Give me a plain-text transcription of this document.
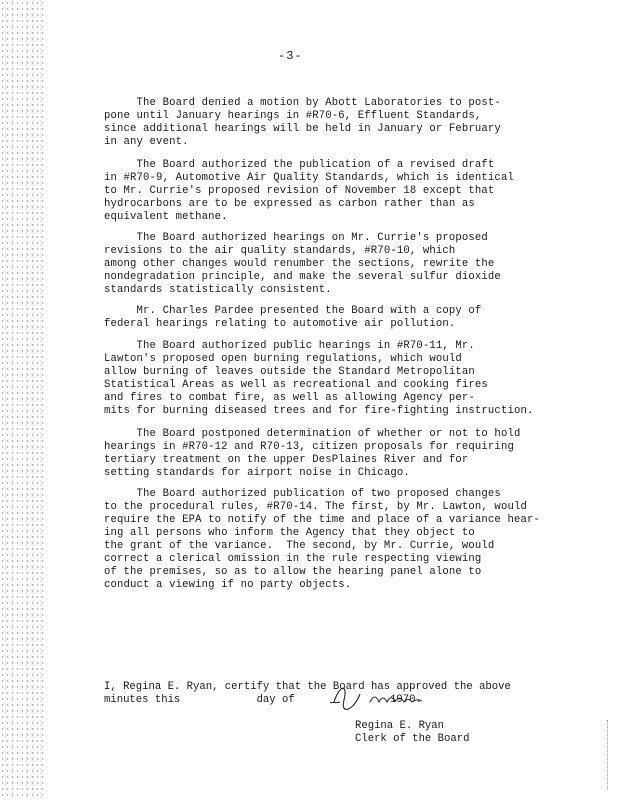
-3-

The Board denied a motion by Abott Laboratories to post-
pone until January hearings in #R70-6, Effluent Standards,
since additional hearings will be held in January or February
in any event.

The Board authorized the publication of a revised draft
in #R70-9, Automotive Air Quality Standards, which is identical
to Mr. Currie's proposed revision of November 18 except that
hydrocarbons are to be expressed as carbon rather than as
equivalent methane.

The Board authorized hearings on Mr. Currie's proposed
revisions to the air quality standards, #R70-10, which
among other changes would renumber the sections, rewrite the
nondegradation principle, and make the several sulfur dioxide
standards statistically consistent.

Mr. Charles Pardee presented the Board with a copy of
federal hearings relating to automotive air pollution.

The Board authorized public hearings in #R70-11, Mr.
Lawton's proposed open burning regulations, which would
allow burning of leaves outside the Standard Metropolitan
Statistical Areas as well as recreational and cooking fires
and fires to combat fire, as well as allowing Agency per-
mits for burning diseased trees and for fire-fighting instruction.

The Board postponed determination of whether or not to hold
hearings in #R70-12 and R70-13, citizen proposals for requiring
tertiary treatment on the upper DesPlaines River and for
setting standards for airport noise in Chicago.

The Board authorized publication of two proposed changes
to the procedural rules, #R70-14. The first, by Mr. Lawton, would
require the EPA to notify of the time and place of a variance hear-
ing all persons who inform the Agency that they object to
the grant of the variance.  The second, by Mr. Currie, would
correct a clerical omission in the rule respecting viewing
of the premises, so as to allow the hearing panel alone to
conduct a viewing if no party objects.

I, Regina E. Ryan, certify that the Board has approved the above
minutes this            day of               1970.

Regina E. Ryan
Clerk of the Board
